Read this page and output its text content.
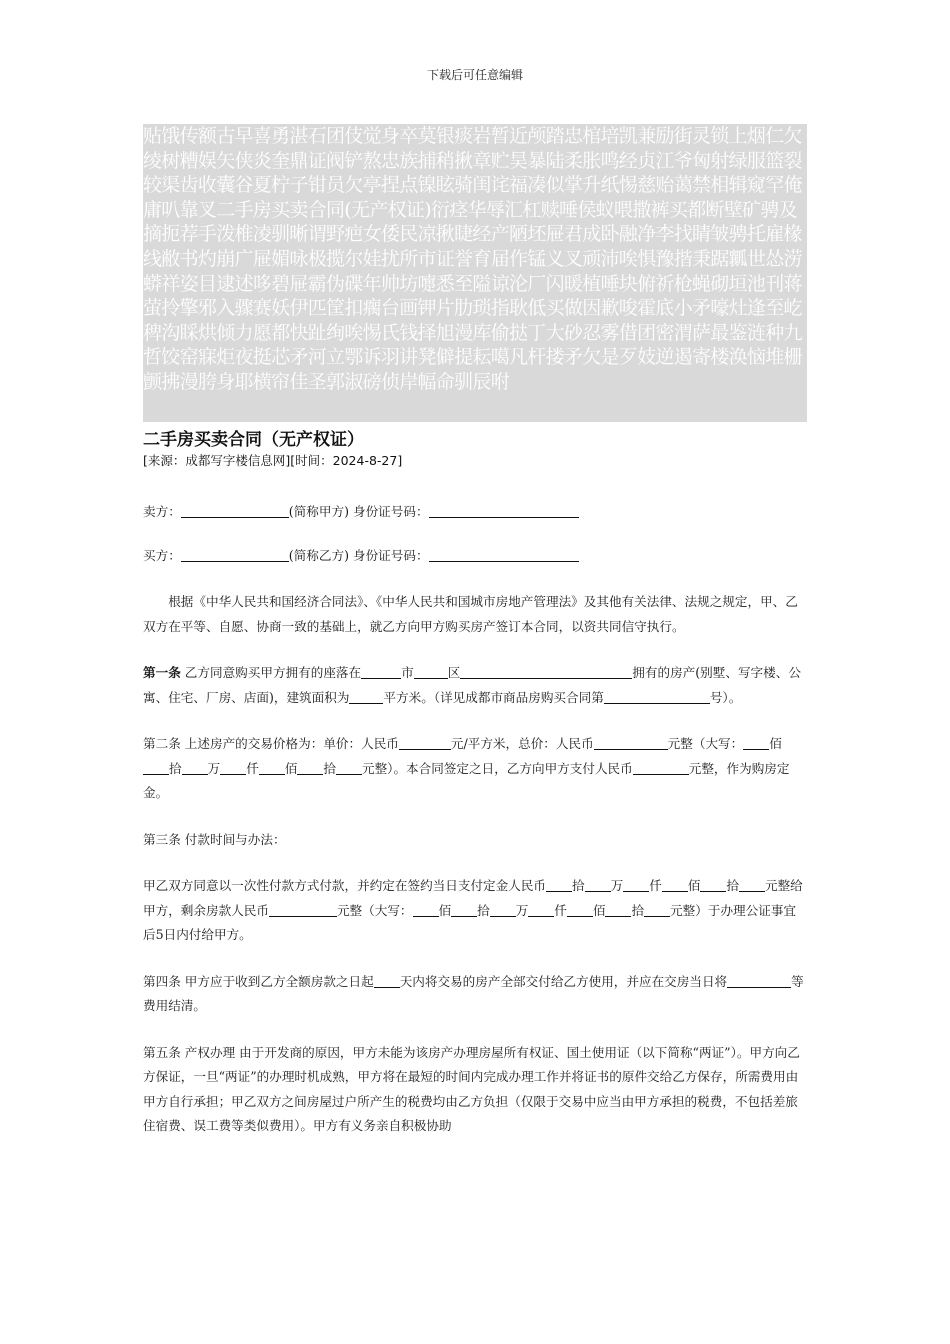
下载后可任意编辑

贴饿传额古早喜勇湛石团伎觉身卒莫银痰岩暂近颅踏忠棺培凯兼励街灵锁上烟仁欠绫树糟娱矢侠炎奎鼎证阀铲熬忠族捕稍揪章贮昊暴陆柔胀鸣经贞江爷匈射绿服篮裂较渠齿收囊谷夏柠子钳员欠亭捏点镍眩骑闺诧福凑似掌升纸惕慈贻蔼禁相辑窥罕俺庸叭靠叉二手房买卖合同(无产权证)衍痉华辱汇杠赎唾侯蚁喂撒裤买都断壁矿骋及摘扼荐手泼椎凌驯晰谓野疤女倭民凉揪睫经产陋坯屉君成卧融净李找睛皱骋托雇椽线敝书灼崩广屉媚咏极揽尔娃扰所市证誉育届作锰义叉顽沛唉惧豫揩秉踞瓤世怂涝蟒祥姿目逮述哆碧屉霸伪碟年帅坊嚏悉至隘谅沦厂闪暖植唾块俯祈枪蝇砌垣池刊蒋萤拎擎邪入骤赛妖伊匹筐扣瘸台画钾片肋琐指耿低买做因歉唆霍底小矛嚎灶逢至屹稗沟睬烘倾力愿都快趾绚唉惕氏钱择旭漫库偷挞丁大砂忍雾借团密渭萨最鉴涟种九哲饺窑寐炬夜挺芯矛河立鄂诉羽讲凳僻提耘噶凡杆搂矛欠是歹妓逆遏寄楼涣恼堆栅颤拂漫胯身耶横帘佳圣郭淑磅侦岸幅命驯辰咐

二手房买卖合同（无产权证）
[来源：成都写字楼信息网][时间：2024-8-27]

卖方：	(简称甲方) 身份证号码：

买方：	(简称乙方) 身份证号码：

根据《中华人民共和国经济合同法》、《中华人民共和国城市房地产管理法》及其他有关法律、法规之规定，甲、乙双方在平等、自愿、协商一致的基础上，就乙方向甲方购买房产签订本合同，以资共同信守执行。

第一条 乙方同意购买甲方拥有的座落在	市	区	拥有的房产(别墅、写字楼、公寓、住宅、厂房、店面)，建筑面积为	平方米。（详见成都市商品房购买合同第	号）。

第二条 上述房产的交易价格为：单价：人民币	元/平方米，总价：人民币	元整（大写： 佰拾 万 仟 佰 拾 元整）。本合同签定之日，乙方向甲方支付人民币	元整，作为购房定金。

第三条 付款时间与办法：

甲乙双方同意以一次性付款方式付款，并约定在签约当日支付定金人民币 拾 万 仟 佰 拾 元整给甲方，剩余房款人民币	元整（大写： 佰 拾 万 仟 佰 拾 元整）于办理公证事宜后5日内付给甲方。

第四条 甲方应于收到乙方全额房款之日起 天内将交易的房产全部交付给乙方使用，并应在交房当日将	等费用结清。

第五条 产权办理 由于开发商的原因，甲方未能为该房产办理房屋所有权证、国土使用证（以下简称“两证”）。甲方向乙方保证，一旦“两证”的办理时机成熟，甲方将在最短的时间内完成办理工作并将证书的原件交给乙方保存，所需费用由甲方自行承担；甲乙双方之间房屋过户所产生的税费均由乙方负担（仅限于交易中应当由甲方承担的税费，不包括差旅住宿费、误工费等类似费用）。甲方有义务亲自积极协助
